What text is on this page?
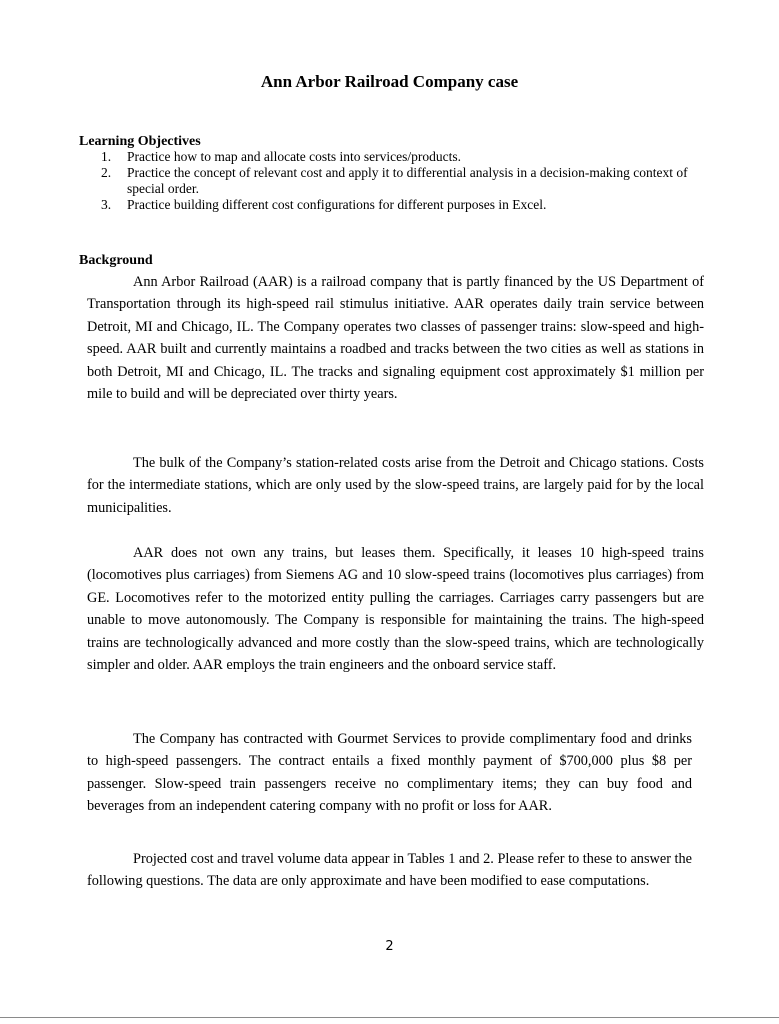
Ann Arbor Railroad Company case
Learning Objectives
1. Practice how to map and allocate costs into services/products.
2. Practice the concept of relevant cost and apply it to differential analysis in a decision-making context of special order.
3. Practice building different cost configurations for different purposes in Excel.
Background

Ann Arbor Railroad (AAR) is a railroad company that is partly financed by the US Department of Transportation through its high-speed rail stimulus initiative. AAR operates daily train service between Detroit, MI and Chicago, IL. The Company operates two classes of passenger trains: slow-speed and high-speed. AAR built and currently maintains a roadbed and tracks between the two cities as well as stations in both Detroit, MI and Chicago, IL. The tracks and signaling equipment cost approximately $1 million per mile to build and will be depreciated over thirty years.

The bulk of the Company’s station-related costs arise from the Detroit and Chicago stations. Costs for the intermediate stations, which are only used by the slow-speed trains, are largely paid for by the local municipalities.

AAR does not own any trains, but leases them. Specifically, it leases 10 high-speed trains (locomotives plus carriages) from Siemens AG and 10 slow-speed trains (locomotives plus carriages) from GE. Locomotives refer to the motorized entity pulling the carriages. Carriages carry passengers but are unable to move autonomously. The Company is responsible for maintaining the trains. The high-speed trains are technologically advanced and more costly than the slow-speed trains, which are technologically simpler and older. AAR employs the train engineers and the onboard service staff.

The Company has contracted with Gourmet Services to provide complimentary food and drinks to high-speed passengers. The contract entails a fixed monthly payment of $700,000 plus $8 per passenger. Slow-speed train passengers receive no complimentary items; they can buy food and beverages from an independent catering company with no profit or loss for AAR.

Projected cost and travel volume data appear in Tables 1 and 2. Please refer to these to answer the following questions. The data are only approximate and have been modified to ease computations.

2
